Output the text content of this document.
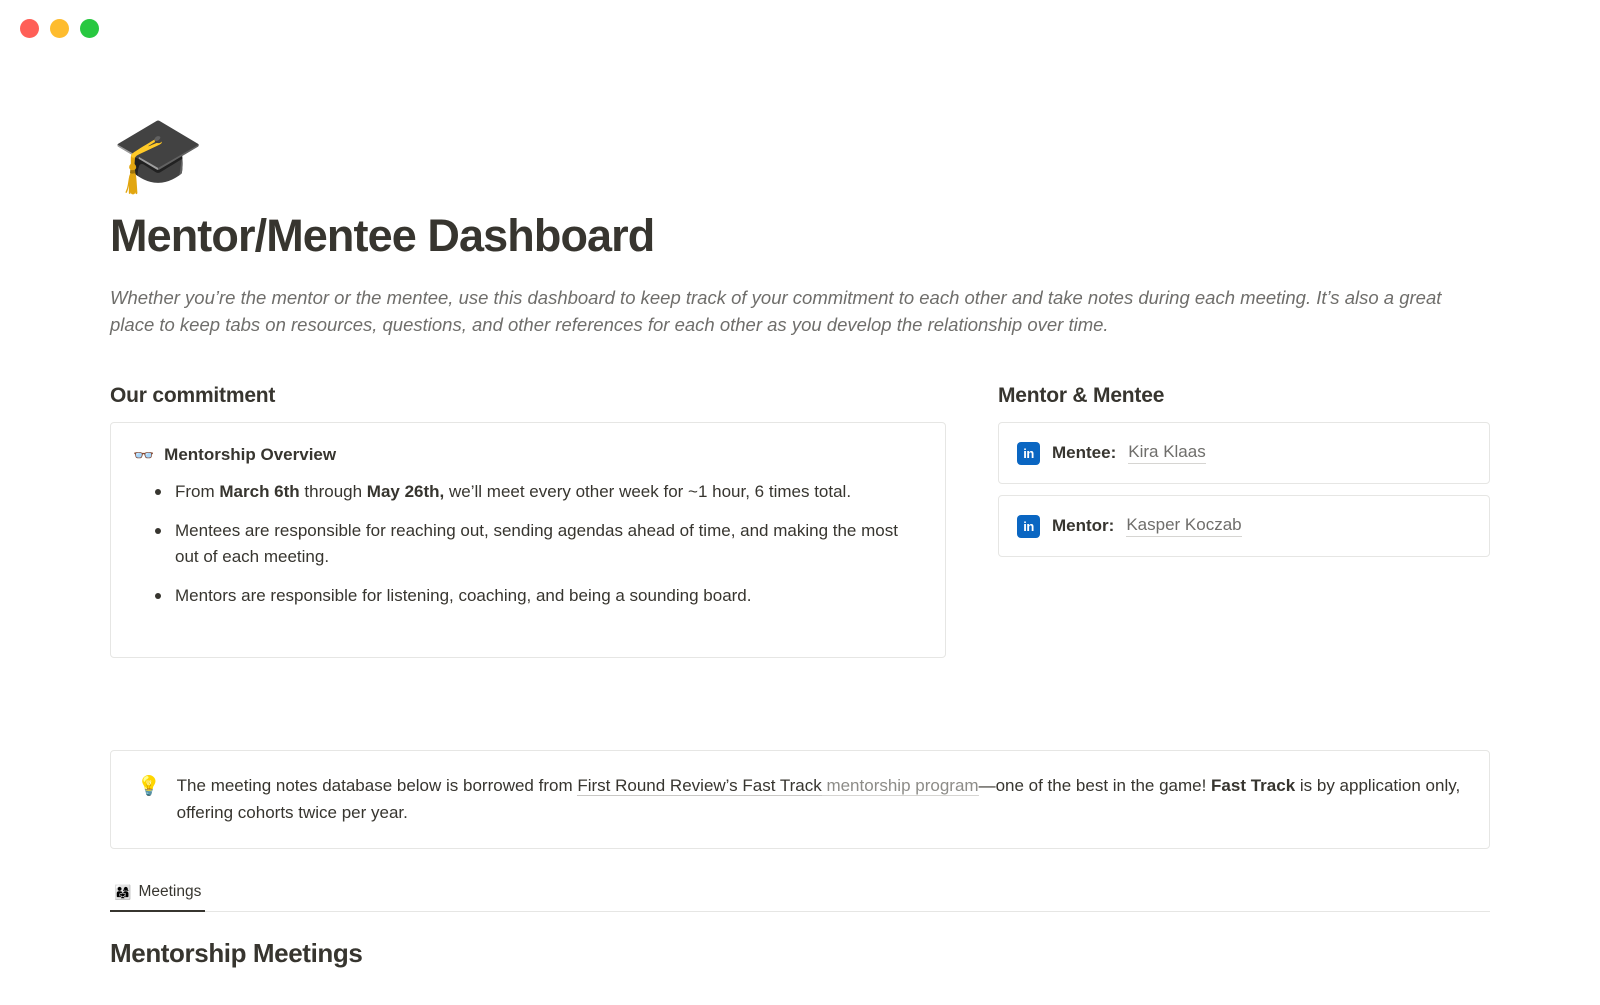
🎓
Mentor/Mentee Dashboard

Whether you’re the mentor or the mentee, use this dashboard to keep track of your commitment to each other and take notes during each meeting. It’s also a great place to keep tabs on resources, questions, and other references for each other as you develop the relationship over time.

Our commitment
👓 Mentorship Overview
From March 6th through May 26th, we’ll meet every other week for ~1 hour, 6 times total.
Mentees are responsible for reaching out, sending agendas ahead of time, and making the most out of each meeting.
Mentors are responsible for listening, coaching, and being a sounding board.
Mentor & Mentee
in	Mentee: Kira Klaas
in	Mentor: Kasper Koczab
💡 The meeting notes database below is borrowed from First Round Review’s Fast Track mentorship program—one of the best in the game! Fast Track is by application only, offering cohorts twice per year.
👨‍👩‍👧 Meetings
Mentorship Meetings
